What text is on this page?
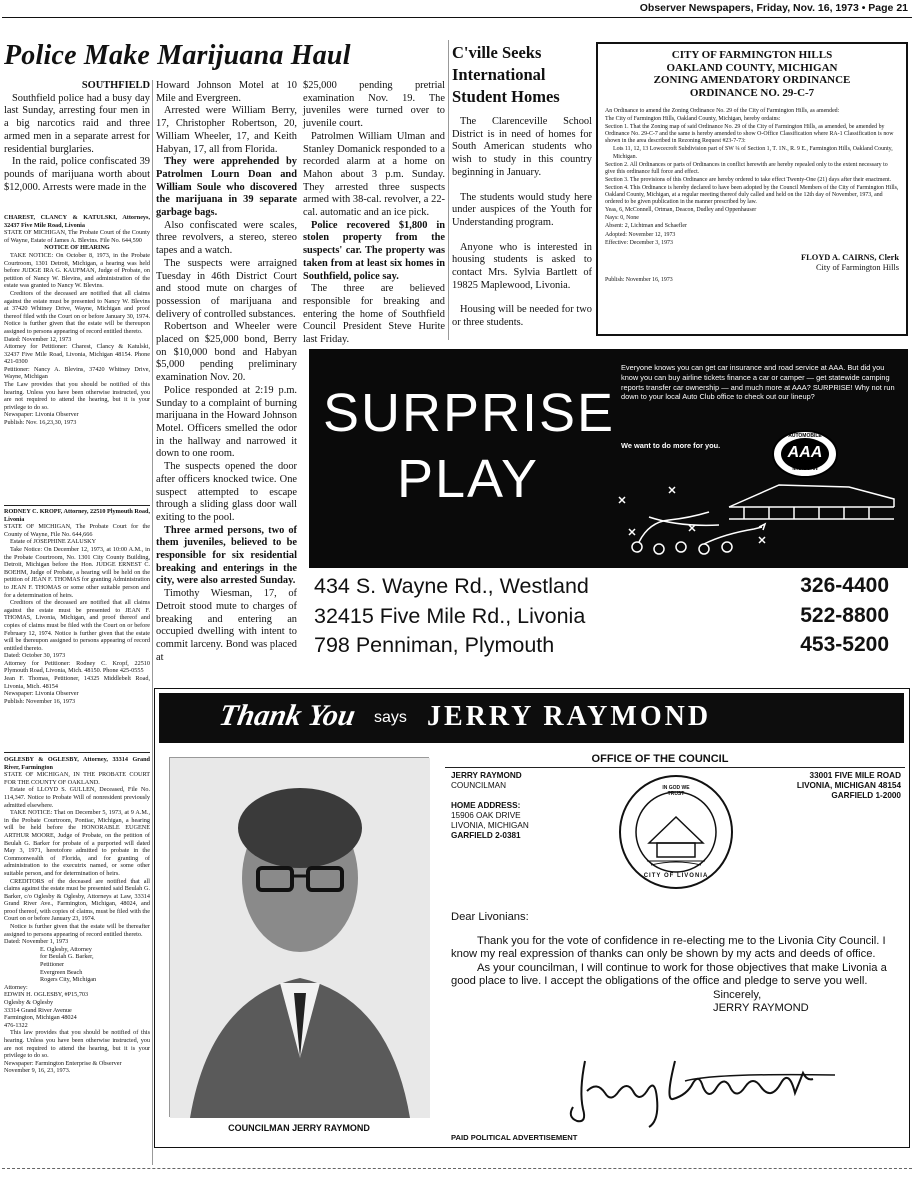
Observer Newspapers, Friday, Nov. 16, 1973 • Page 21
Police Make Marijuana Haul

SOUTHFIELD

Southfield police had a busy day last Sunday, arresting four men in a big narcotics raid and three armed men in a separate arrest for residential burglaries.

In the raid, police confiscated 39 pounds of marijuana worth about $12,000. Arrests were made in the

Howard Johnson Motel at 10 Mile and Evergreen.

Arrested were William Berry, 17, Christopher Robertson, 20, William Wheeler, 17, and Keith Habyan, 17, all from Florida.

They were apprehended by Patrolmen Lourn Doan and William Soule who discovered the marijuana in 39 separate garbage bags.

Also confiscated were scales, three revolvers, a stereo, stereo tapes and a watch.

The suspects were arraigned Tuesday in 46th District Court and stood mute on charges of possession of marijuana and delivery of controlled substances.

Robertson and Wheeler were placed on $25,000 bond, Berry on $10,000 bond and Habyan $5,000 pending preliminary examination Nov. 20.

Police responded at 2:19 p.m. Sunday to a complaint of burning marijuana in the Howard Johnson Motel. Officers smelled the odor in the hallway and narrowed it down to one room.

The suspects opened the door after officers knocked twice. One suspect attempted to escape through a sliding glass door wall exiting to the pool.

Three armed persons, two of them juveniles, believed to be responsible for six residential breaking and enterings in the city, were also arrested Sunday.

Timothy Wiesman, 17, of Detroit stood mute to charges of breaking and entering an occupied dwelling with intent to commit larceny. Bond was placed at

$25,000 pending pretrial examination Nov. 19. The juveniles were turned over to juvenile court.

Patrolmen William Ulman and Stanley Domanick responded to a recorded alarm at a home on Mahon about 3 p.m. Sunday. They arrested three suspects armed with 38-cal. revolver, a 22-cal. automatic and an ice pick.

Police recovered $1,800 in stolen property from the suspects' car. The property was taken from at least six homes in Southfield, police say.

The three are believed responsible for breaking and entering the home of Southfield Council President Steve Hurite last Friday.

CHAREST, CLANCY & KATULSKI, Attorneys, 32437 Five Mile Road, Livonia

STATE OF MICHIGAN, The Probate Court of the County of Wayne, Estate of James A. Blevins. File No. 644,590

NOTICE OF HEARING

TAKE NOTICE: On October 8, 1973, in the Probate Courtroom, 1301 Detroit, Michigan, a hearing was held before JUDGE IRA G. KAUFMAN, Judge of Probate, on petition of Nancy W. Blevins, and administration of the estate was granted to Nancy W. Blevins.

Creditors of the deceased are notified that all claims against the estate must be presented to Nancy W. Blevins at 37420 Whitney Drive, Wayne, Michigan and proof thereof filed with the Court on or before January 30, 1974. Notice is further given that the estate will be thereupon assigned to persons appearing of record entitled thereto.

Dated: November 12, 1973

Attorney for Petitioner: Charest, Clancy & Katulski, 32437 Five Mile Road, Livonia, Michigan 48154. Phone 421-0300

Petitioner: Nancy A. Blevins, 37420 Whitney Drive, Wayne, Michigan

The Law provides that you should be notified of this hearing. Unless you have been otherwise instructed, you are not required to attend the hearing, but it is your privilege to do so.

Newspaper: Livonia Observer

Publish: Nov. 16,23,30, 1973

RODNEY C. KROPF, Attorney, 22510 Plymouth Road, Livonia

STATE OF MICHIGAN, The Probate Court for the County of Wayne, File No. 644,666

Estate of JOSEPHINE ZALUSKY

Take Notice: On December 12, 1973, at 10:00 A.M., in the Probate Courtroom, No. 1301 City County Building, Detroit, Michigan before the Hon. JUDGE ERNEST C. BOEHM, Judge of Probate, a hearing will be held on the petition of JEAN F. THOMAS for granting Administration to JEAN F. THOMAS or some other suitable person and for a determination of heirs.

Creditors of the deceased are notified that all claims against the estate must be presented to JEAN F. THOMAS, Livonia, Michigan, and proof thereof and copies of claims must be filed with the Court on or before February 12, 1974. Notice is further given that the estate will be thereupon assigned to persons appearing of record entitled thereto.

Dated: October 30, 1973

Attorney for Petitioner: Rodney C. Kropf, 22510 Plymouth Road, Livonia, Mich. 48150. Phone 425-0555

Jean F. Thomas, Petitioner, 14325 Middlebelt Road, Livonia, Mich. 48154

Newspaper: Livonia Observer

Publish: November 16, 1973

OGLESBY & OGLESBY, Attorney, 33314 Grand River, Farmington

STATE OF MICHIGAN, IN THE PROBATE COURT FOR THE COUNTY OF OAKLAND.

Estate of LLOYD S. GULLEN, Deceased, File No. 114,347. Notice to Probate Will of nonresident previously admitted elsewhere.

TAKE NOTICE: That on December 5, 1973, at 9 A.M., in the Probate Courtroom, Pontiac, Michigan, a hearing will be held before the HONORABLE EUGENE ARTHUR MOORE, Judge of Probate, on the petition of Beulah G. Barker for probate of a purported will dated May 3, 1971, heretofore admitted to probate in the Commonwealth of Florida, and for granting of administration to the executrix named, or some other suitable person, and for determination of heirs.

CREDITORS of the deceased are notified that all claims against the estate must be presented said Beulah G. Barker, c/o Oglesby & Oglesby, Attorneys at Law, 33314 Grand River Ave., Farmington, Michigan, 48024, and proof thereof, with copies of claims, must be filed with the Court on or before January 23, 1974.

Notice is further given that the estate will be thereafter assigned to persons appearing of record entitled thereto.

Dated: November 1, 1973

E. Oglesby, Attorney

for Beulah G. Barker,

Petitioner

Evergreen Beach

Rogers City, Michigan

Attorney:

EDWIN H. OGLESBY, #P15,703

Oglesby & Oglesby

33314 Grand River Avenue

Farmington, Michigan 48024

476-1322

This law provides that you should be notified of this hearing. Unless you have been otherwise instructed, you are not required to attend the hearing, but it is your privilege to do so.

Newspaper: Farmington Enterprise & Observer

November 9, 16, 23, 1973.

C'ville Seeks
International
Student Homes

The Clarenceville School District is in need of homes for South American students who wish to study in this country beginning in January.

The students would study here under auspices of the Youth for Understanding program.

Anyone who is interested in housing students is asked to contact Mrs. Sylvia Bartlett of 19825 Maplewood, Livonia.

Housing will be needed for two or three students.

CITY OF FARMINGTON HILLS
OAKLAND COUNTY, MICHIGAN
ZONING AMENDATORY ORDINANCE
ORDINANCE NO. 29-C-7

An Ordinance to amend the Zoning Ordinance No. 29 of the City of Farmington Hills, as amended:

The City of Farmington Hills, Oakland County, Michigan, hereby ordains:

Section 1. That the Zoning map of said Ordinance No. 29 of the City of Farmington Hills, as amended, be amended by Ordinance No. 29-C-7 and the same is hereby amended to show O-Office Classification where RA-1 Classification is now shown in the area described in Rezoning Request #23-7-73:

Lots 11, 12, 13 Lowcecroft Subdivision part of SW ¼ of Section 1, T. 1N., R. 9 E., Farmington Hills, Oakland County, Michigan.

Section 2. All Ordinances or parts of Ordinances in conflict herewith are hereby repealed only to the extent necessary to give this ordinance full force and effect.

Section 3. The provisions of this Ordinance are hereby ordered to take effect Twenty-One (21) days after their enactment.

Section 4. This Ordinance is hereby declared to have been adopted by the Council Members of the City of Farmington Hills, Oakland County, Michigan, at a regular meeting thereof duly called and held on the 12th day of November, 1973, and ordered to be given publication in the manner prescribed by law.

Yeas, 6, McConnell, Ortman, Deacon, Dudley and Oppenhauser

Nays: 0, None

Absent: 2, Lichtman and Schaefler

Adopted: November 12, 1973

Effective: December 3, 1973

FLOYD A. CAIRNS, Clerk
City of Farmington Hills
Publish: November 16, 1973
SURPRISE
PLAY
Everyone knows you can get car insurance and road service at AAA. But did you know you can buy airline tickets finance a car or camper — get statewide camping reports transfer car ownership — and much more at AAA? SURPRISE! Why not run down to your local Auto Club office to check out our lineup?
We want to do more for you.
AUTOMOBILE CLUB
AAA
MICHIGAN
434 S. Wayne Rd., Westland
32415 Five Mile Rd., Livonia
798 Penniman, Plymouth
326-4400
522-8800
453-5200
Thank You	says JERRY RAYMOND
COUNCILMAN JERRY RAYMOND
OFFICE OF THE COUNCIL
JERRY RAYMOND
COUNCILMAN
HOME ADDRESS:
15906 OAK DRIVE
LIVONIA, MICHIGAN
GARFIELD 2-0381
IN GOD WE TRUST
CITY OF LIVONIA
33001 FIVE MILE ROAD
LIVONIA, MICHIGAN 48154
GARFIELD 1-2000

Dear Livonians:

Thank you for the vote of confidence in re-electing me to the Livonia City Council. I know my real expression of thanks can only be shown by my acts and deeds of office.

As your councilman, I will continue to work for those objectives that make Livonia a good place to live. I accept the obligations of the office and pledge to serve you well.

Sincerely,

JERRY RAYMOND

PAID POLITICAL ADVERTISEMENT
